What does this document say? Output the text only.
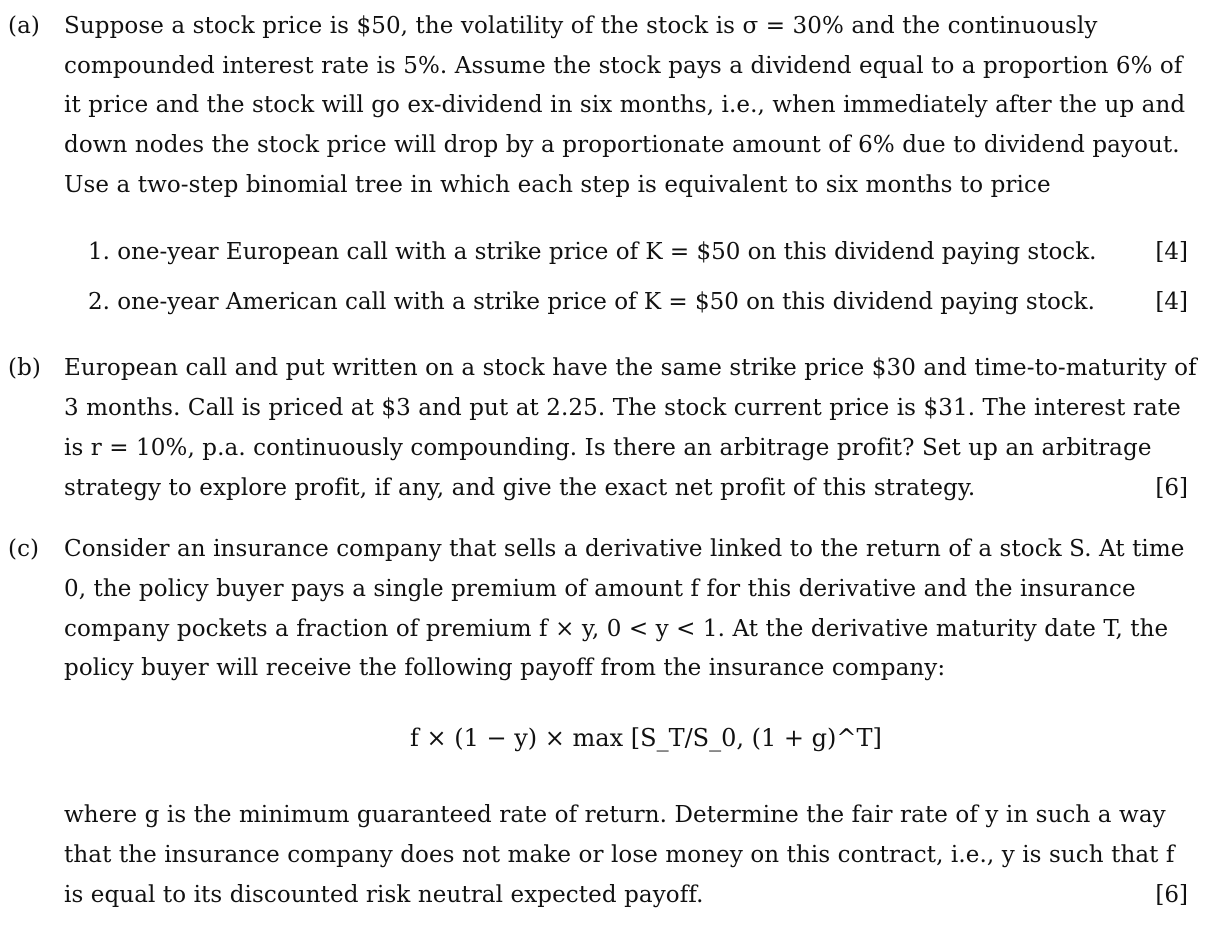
(a) Suppose a stock price is $50, the volatility of the stock is σ = 30% and the continuously
compounded interest rate is 5%. Assume the stock pays a dividend equal to a proportion 6% of
it price and the stock will go ex-dividend in six months, i.e., when immediately after the up and
down nodes the stock price will drop by a proportionate amount of 6% due to dividend payout.
Use a two-step binomial tree in which each step is equivalent to six months to price
1. one-year European call with a strike price of K = $50 on this dividend paying stock.	[4]
2. one-year American call with a strike price of K = $50 on this dividend paying stock.	[4]
(b) European call and put written on a stock have the same strike price $30 and time-to-maturity of
3 months. Call is priced at $3 and put at 2.25. The stock current price is $31. The interest rate
is r = 10%, p.a. continuously compounding. Is there an arbitrage profit? Set up an arbitrage
strategy to explore profit, if any, and give the exact net profit of this strategy.	[6]
(c) Consider an insurance company that sells a derivative linked to the return of a stock S. At time
0, the policy buyer pays a single premium of amount f for this derivative and the insurance
company pockets a fraction of premium f × y, 0 < y < 1. At the derivative maturity date T, the
policy buyer will receive the following payoff from the insurance company:
f × (1 − y) × max [S_T/S_0, (1 + g)^T]
where g is the minimum guaranteed rate of return. Determine the fair rate of y in such a way
that the insurance company does not make or lose money on this contract, i.e., y is such that f
is equal to its discounted risk neutral expected payoff.	[6]
